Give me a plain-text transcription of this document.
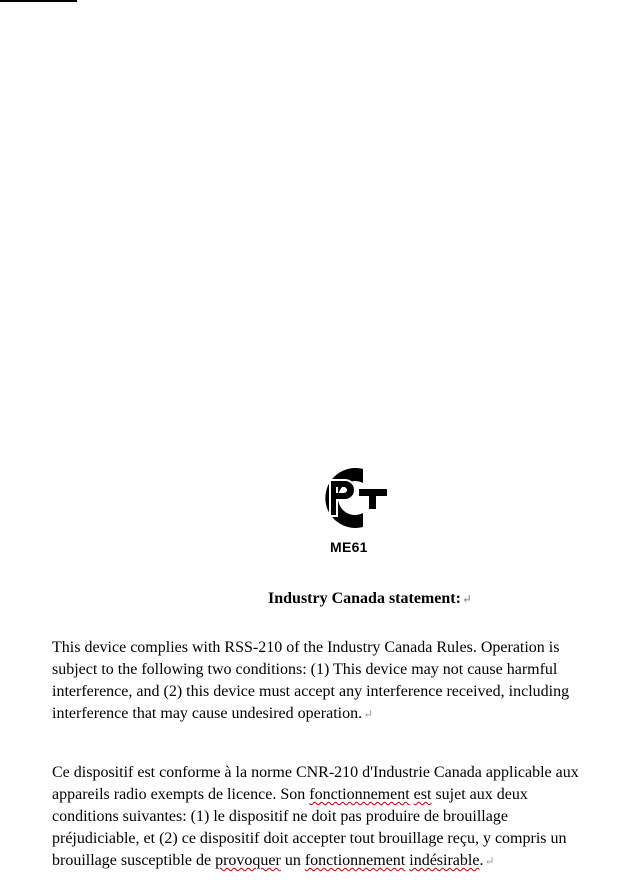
ME61
Industry Canada statement:↵
This device complies with RSS-210 of the Industry Canada Rules. Operation is
subject to the following two conditions: (1) This device may not cause harmful
interference, and (2) this device must accept any interference received, including
interference that may cause undesired operation.↵
Ce dispositif est conforme à la norme CNR-210 d'Industrie Canada applicable aux
appareils radio exempts de licence. Son fonctionnement est sujet aux deux
conditions suivantes: (1) le dispositif ne doit pas produire de brouillage
préjudiciable, et (2) ce dispositif doit accepter tout brouillage reçu, y compris un
brouillage susceptible de provoquer un fonctionnement indésirable.↵
